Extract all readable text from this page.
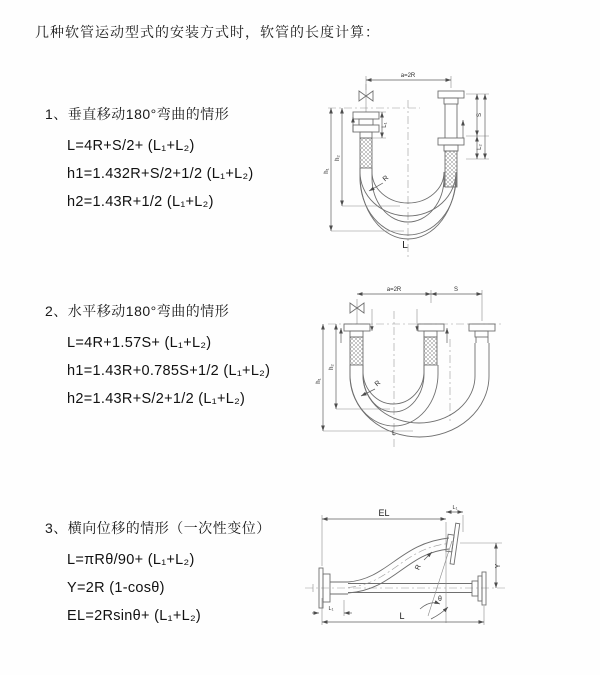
几种软管运动型式的安装方式时，软管的长度计算：
1、垂直移动180°弯曲的情形
L=4R+S/2+ (L₁+L₂)
h1=1.432R+S/2+1/2 (L₁+L₂)
h2=1.43R+1/2 (L₁+L₂)
2、水平移动180°弯曲的情形
L=4R+1.57S+ (L₁+L₂)
h1=1.43R+0.785S+1/2 (L₁+L₂)
h2=1.43R+S/2+1/2 (L₁+L₂)
3、横向位移的情形（一次性变位）
L=πRθ/90+ (L₁+L₂)
Y=2R (1-cosθ)
EL=2Rsinθ+ (L₁+L₂)
a=2R
L₁
S
L₂
h₁
h₂
R
L
a=2R	S
h₁
h₂
R
L
EL	L₁
Y
θ
R
L
L₁
